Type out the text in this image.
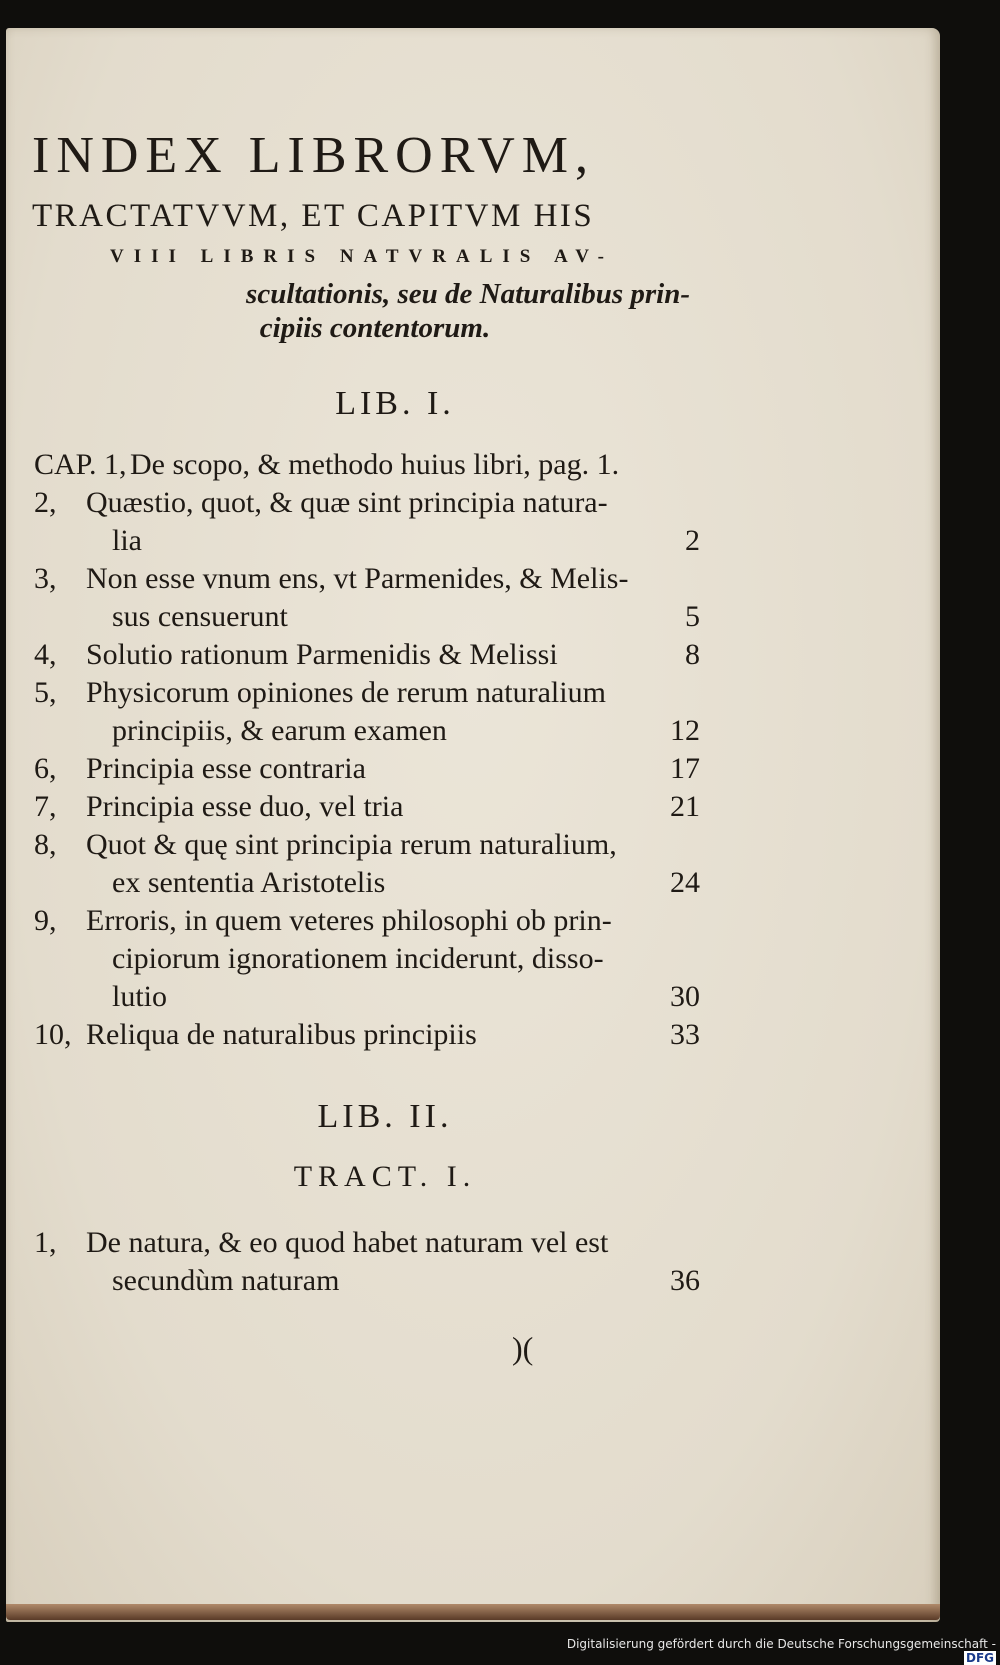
INDEX LIBRORVM,
TRACTATVVM, ET CAPITVM HIS
VIII LIBRIS NATVRALIS AV-
scultationis, seu de Naturalibus prin-
cipiis contentorum.
LIB. I.
CAP. 1, De scopo, & methodo huius libri, pag. 1.
2, Quæstio, quot, & quæ sint principia natura-
lia	2
3, Non esse vnum ens, vt Parmenides, & Melis-
sus censuerunt	5
4, Solutio rationum Parmenidis & Melissi	8
5, Physicorum opiniones de rerum naturalium
principiis, & earum examen	12
6, Principia esse contraria	17
7, Principia esse duo, vel tria	21
8, Quot & quę sint principia rerum naturalium,
ex sententia Aristotelis	24
9, Erroris, in quem veteres philosophi ob prin-
cipiorum ignorationem inciderunt, disso-
lutio	30
10, Reliqua de naturalibus principiis	33
LIB. II.
TRACT. I.
1, De natura, & eo quod habet naturam vel est
secundùm naturam	36
)(
Digitalisierung gefördert durch die Deutsche Forschungsgemeinschaft -DFG
